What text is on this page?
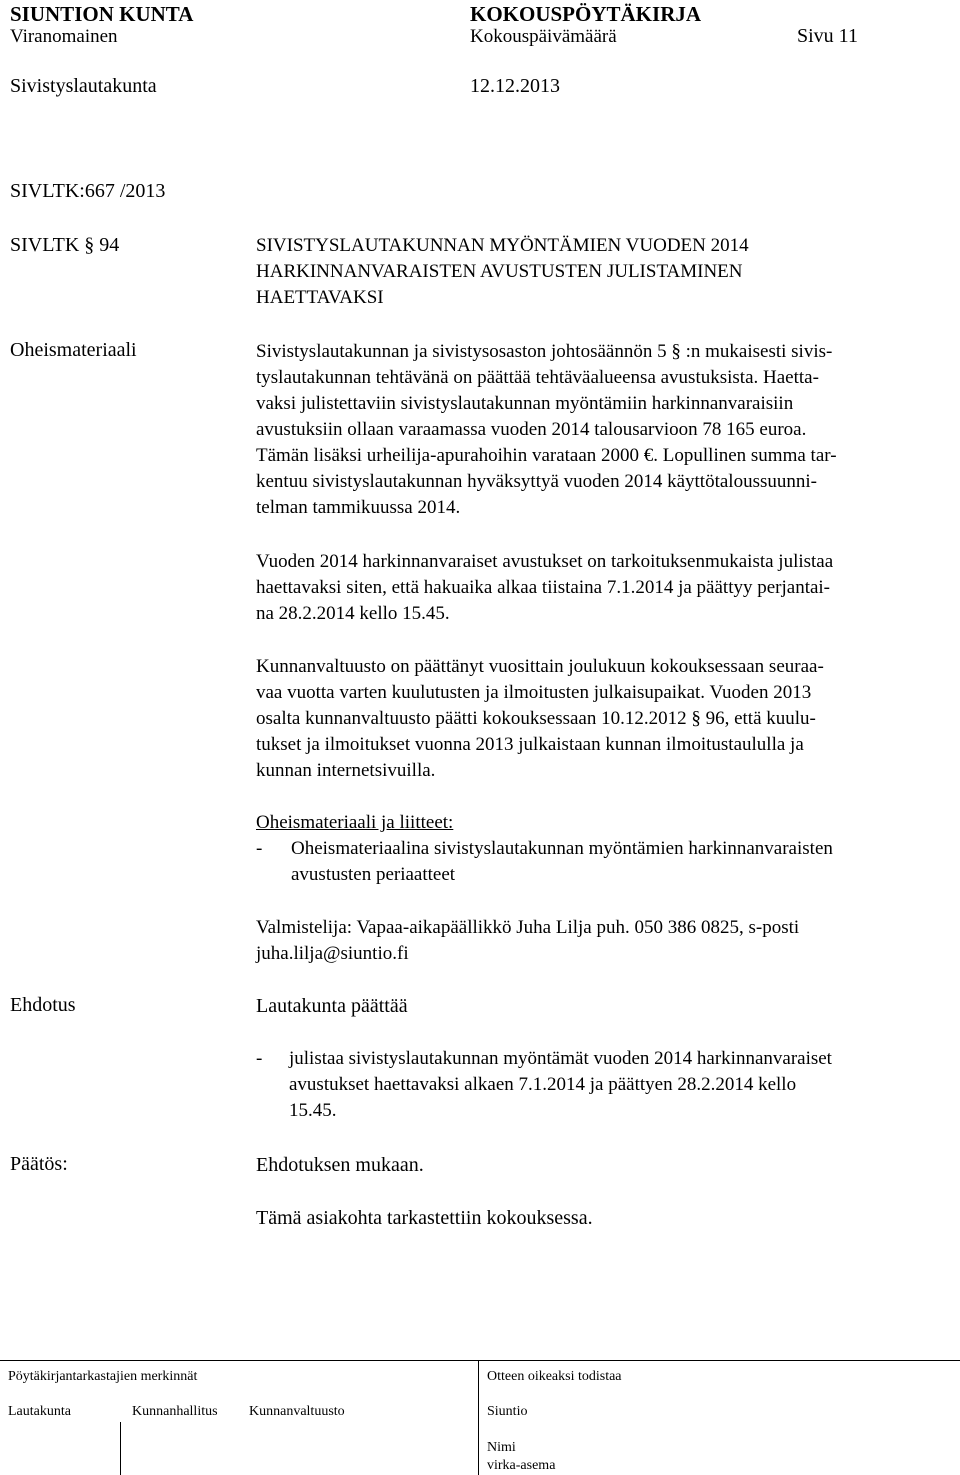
SIUNTION KUNTA	KOKOUSPÖYTÄKIRJA
Viranomainen	Kokouspäivämäärä	Sivu 11
Sivistyslautakunta	12.12.2013
SIVLTK:667 /2013
SIVLTK § 94	SIVISTYSLAUTAKUNNAN MYÖNTÄMIEN VUODEN 2014
HARKINNANVARAISTEN AVUSTUSTEN JULISTAMINEN
HAETTAVAKSI
Oheismateriaali	Sivistyslautakunnan ja sivistysosaston johtosäännön 5 § :n mukaisesti sivis-
tyslautakunnan tehtävänä on päättää tehtäväalueensa avustuksista. Haetta-
vaksi julistettaviin sivistyslautakunnan myöntämiin harkinnanvaraisiin
avustuksiin ollaan varaamassa vuoden 2014 talousarvioon 78 165 euroa.
Tämän lisäksi urheilija-apurahoihin varataan 2000 €. Lopullinen summa tar-
kentuu sivistyslautakunnan hyväksyttyä vuoden 2014 käyttötaloussuunni-
telman tammikuussa 2014.
Vuoden 2014 harkinnanvaraiset avustukset on tarkoituksenmukaista julistaa
haettavaksi siten, että hakuaika alkaa tiistaina 7.1.2014 ja päättyy perjantai-
na 28.2.2014 kello 15.45.
Kunnanvaltuusto on päättänyt vuosittain joulukuun kokouksessaan seuraa-
vaa vuotta varten kuulutusten ja ilmoitusten julkaisupaikat. Vuoden 2013
osalta kunnanvaltuusto päätti kokouksessaan 10.12.2012 § 96, että kuulu-
tukset ja ilmoitukset vuonna 2013 julkaistaan kunnan ilmoitustaululla ja
kunnan internetsivuilla.
Oheismateriaali ja liitteet:
- Oheismateriaalina sivistyslautakunnan myöntämien harkinnanvaraisten
avustusten periaatteet
Valmistelija: Vapaa-aikapäällikkö Juha Lilja puh. 050 386 0825, s-posti
juha.lilja@siuntio.fi
Ehdotus	Lautakunta päättää
- julistaa sivistyslautakunnan myöntämät vuoden 2014 harkinnanvaraiset
avustukset haettavaksi alkaen 7.1.2014 ja päättyen 28.2.2014 kello
15.45.
Päätös:	Ehdotuksen mukaan.
Tämä asiakohta tarkastettiin kokouksessa.
Pöytäkirjantarkastajien merkinnät	Otteen oikeaksi todistaa
Lautakunta	Kunnanhallitus Kunnanvaltuusto	Siuntio
Nimi
virka-asema
